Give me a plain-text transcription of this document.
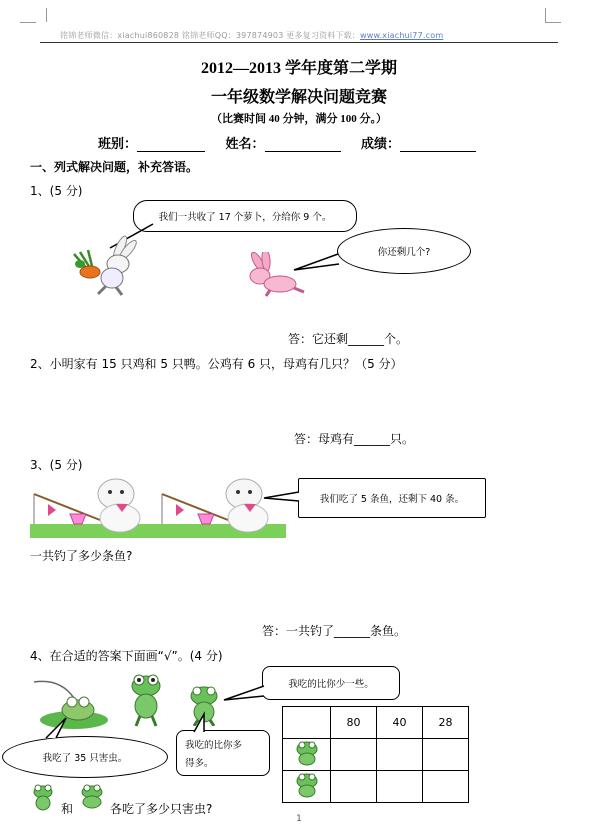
铭锦老师微信：xiachui860828 铭锦老师QQ：397874903 更多复习资料下载：www.xiachui77.com
2012—2013 学年度第二学期
一年级数学解决问题竞赛
（比赛时间 40 分钟，满分 100 分。）
班别：	姓名：	成绩：
一、列式解决问题，补充答语。
1、(5 分)
我们一共收了 17 个萝卜，分给你 9 个。
你还剩几个?
答：它还剩______个。
2、小明家有 15 只鸡和 5 只鸭。公鸡有 6 只，母鸡有几只？（5 分）
答：母鸡有______只。
3、(5 分)
我们吃了 5 条鱼，还剩下 40 条。
一共钓了多少条鱼?
答：一共钓了______条鱼。
4、在合适的答案下面画“√”。(4 分)
我吃的比你少一些。
我吃了 35 只害虫。
我吃的比你多
得多。
	80	40	28

和	各吃了多少只害虫?
1
